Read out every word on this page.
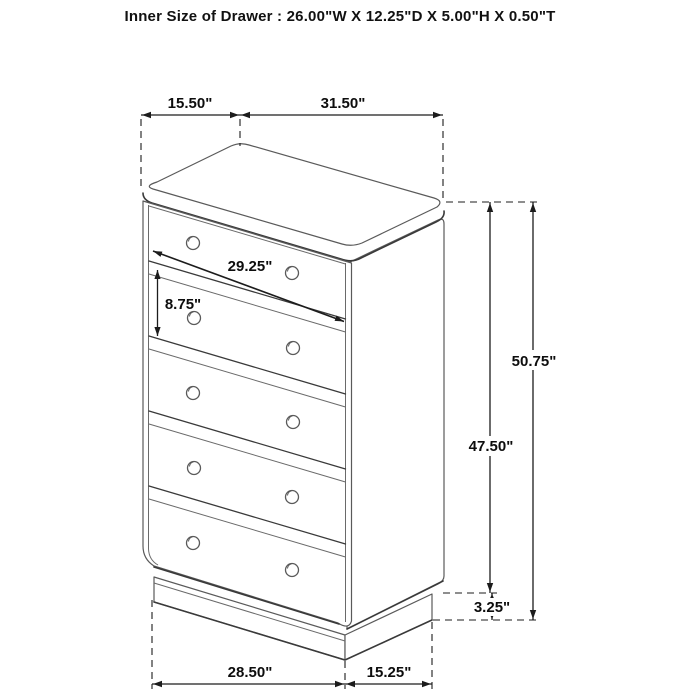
Inner Size of Drawer : 26.00"W X 12.25"D X 5.00"H X 0.50"T
15.50"	31.50"
29.25"
8.75"
50.75"
47.50"
3.25"
28.50"	15.25"
